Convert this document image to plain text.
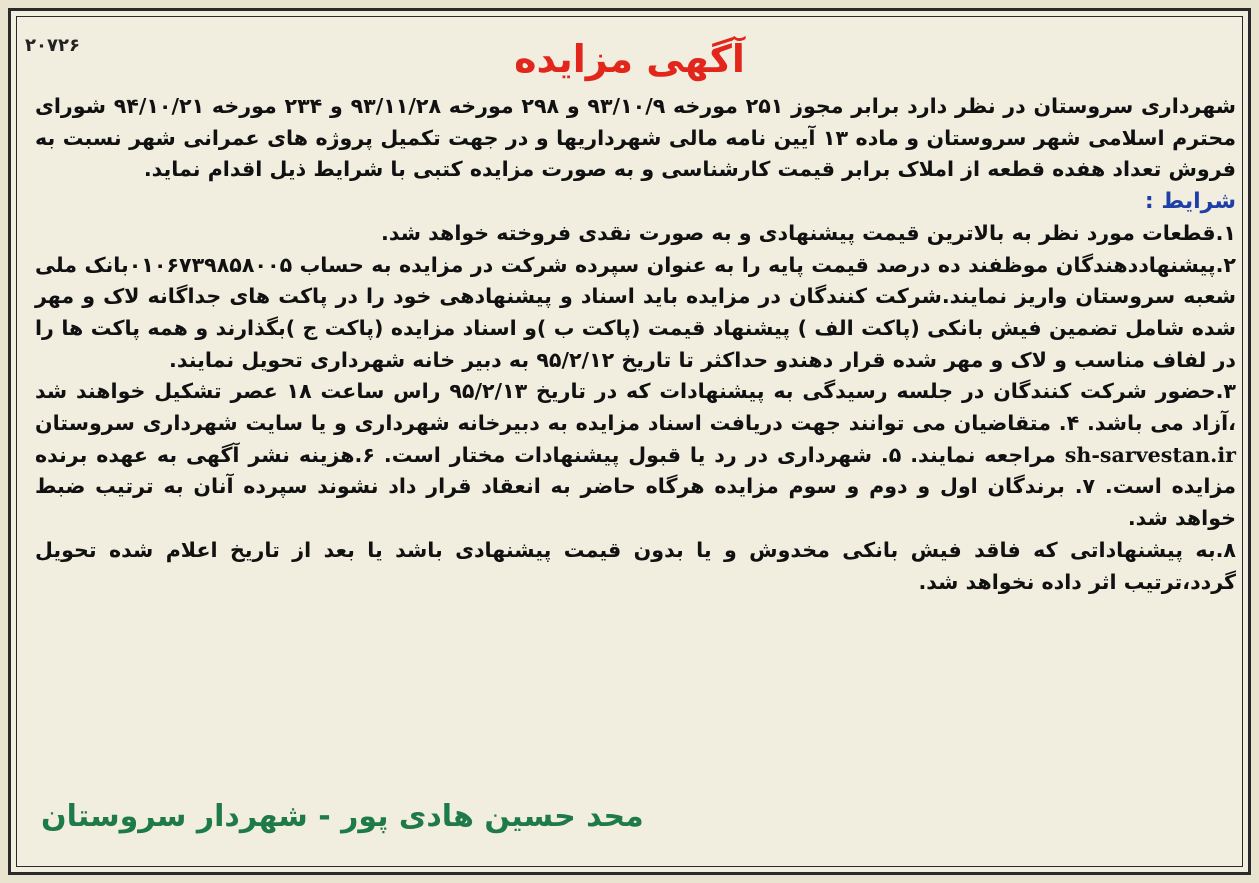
۲۰۷۲۶	آگهی مزایده

شهرداری سروستان در نظر دارد برابر مجوز ۲۵۱ مورخه ۹۳/۱۰/۹ و ۲۹۸ مورخه ۹۳/۱۱/۲۸ و ۲۳۴ مورخه ۹۴/۱۰/۲۱ شورای محترم اسلامی شهر سروستان و ماده ۱۳ آیین نامه مالی شهرداریها و در جهت تکمیل پروژه های عمرانی شهر نسبت به فروش تعداد هفده قطعه از املاک برابر قیمت کارشناسی و به صورت مزایده کتبی با شرایط ذیل اقدام نماید.

شرایط :

۱.قطعات مورد نظر به بالاترین قیمت پیشنهادی و به صورت نقدی فروخته خواهد شد.

۲.پیشنهاددهندگان موظفند ده درصد قیمت پایه را به عنوان سپرده شرکت در مزایده به حساب ۰۱۰۶۷۳۹۸۵۸۰۰۵بانک ملی شعبه سروستان واریز نمایند.شرکت کنندگان در مزایده باید اسناد و پیشنهادهی خود را در پاکت های جداگانه لاک و مهر شده شامل تضمین فیش بانکی (پاکت الف ) پیشنهاد قیمت (پاکت ب )و اسناد مزایده (پاکت ج )بگذارند و همه پاکت ها را در لفاف مناسب و لاک و مهر شده قرار دهندو حداکثر تا تاریخ ۹۵/۲/۱۲ به دبیر خانه شهرداری تحویل نمایند.

۳.حضور شرکت کنندگان در جلسه رسیدگی به پیشنهادات که در تاریخ ۹۵/۲/۱۳ راس ساعت ۱۸ عصر تشکیل خواهند شد ،آزاد می باشد. ۴. متقاضیان می توانند جهت دریافت اسناد مزایده به دبیرخانه شهرداری و یا سایت شهرداری سروستان sh-sarvestan.ir مراجعه نمایند. ۵. شهرداری در رد یا قبول پیشنهادات مختار است. ۶.هزینه نشر آگهی به عهده برنده مزایده است. ۷. برندگان اول و دوم و سوم مزایده هرگاه حاضر به انعقاد قرار داد نشوند سپرده آنان به ترتیب ضبط خواهد شد.

۸.به پیشنهاداتی که فاقد فیش بانکی مخدوش و یا بدون قیمت پیشنهادی باشد یا بعد از تاریخ اعلام شده تحویل گردد،ترتیب اثر داده نخواهد شد.

محد حسین هادی پور - شهردار سروستان
